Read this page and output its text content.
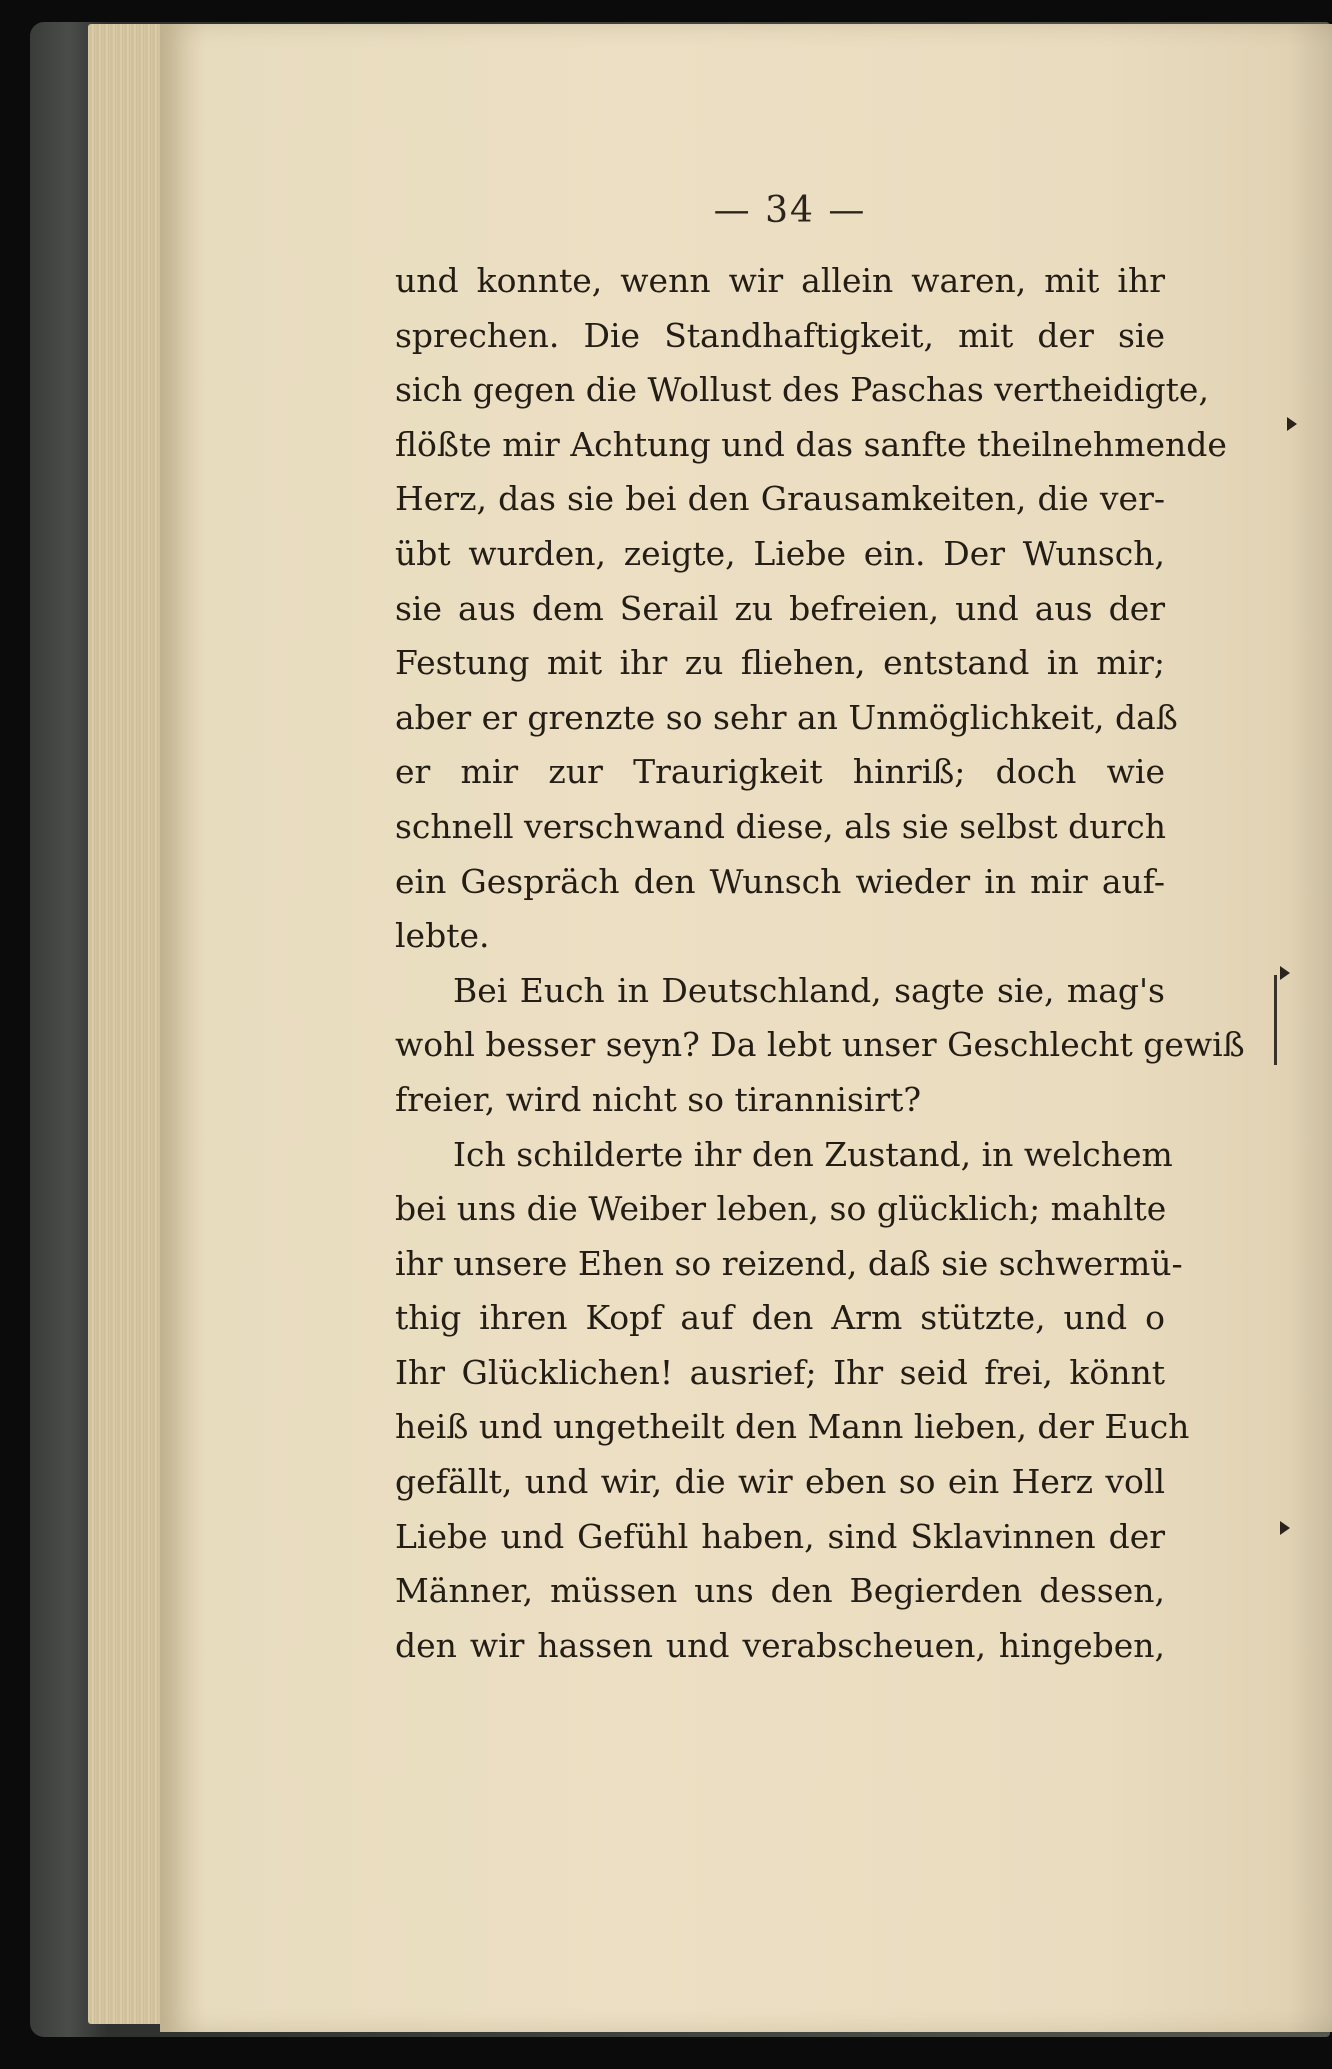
— 34 —
und konnte, wenn wir allein waren, mit ihr
sprechen. Die Standhaftigkeit, mit der sie
sich gegen die Wollust des Paschas vertheidigte,
flößte mir Achtung und das sanfte theilnehmende
Herz, das sie bei den Grausamkeiten, die ver-
übt wurden, zeigte, Liebe ein. Der Wunsch,
sie aus dem Serail zu befreien, und aus der
Festung mit ihr zu fliehen, entstand in mir;
aber er grenzte so sehr an Unmöglichkeit, daß
er mir zur Traurigkeit hinriß; doch wie
schnell verschwand diese, als sie selbst durch
ein Gespräch den Wunsch wieder in mir auf-
lebte.
Bei Euch in Deutschland, sagte sie, mag's
wohl besser seyn? Da lebt unser Geschlecht gewiß
freier, wird nicht so tirannisirt?
Ich schilderte ihr den Zustand, in welchem
bei uns die Weiber leben, so glücklich; mahlte
ihr unsere Ehen so reizend, daß sie schwermü-
thig ihren Kopf auf den Arm stützte, und o
Ihr Glücklichen! ausrief; Ihr seid frei, könnt
heiß und ungetheilt den Mann lieben, der Euch
gefällt, und wir, die wir eben so ein Herz voll
Liebe und Gefühl haben, sind Sklavinnen der
Männer, müssen uns den Begierden dessen,
den wir hassen und verabscheuen, hingeben,
